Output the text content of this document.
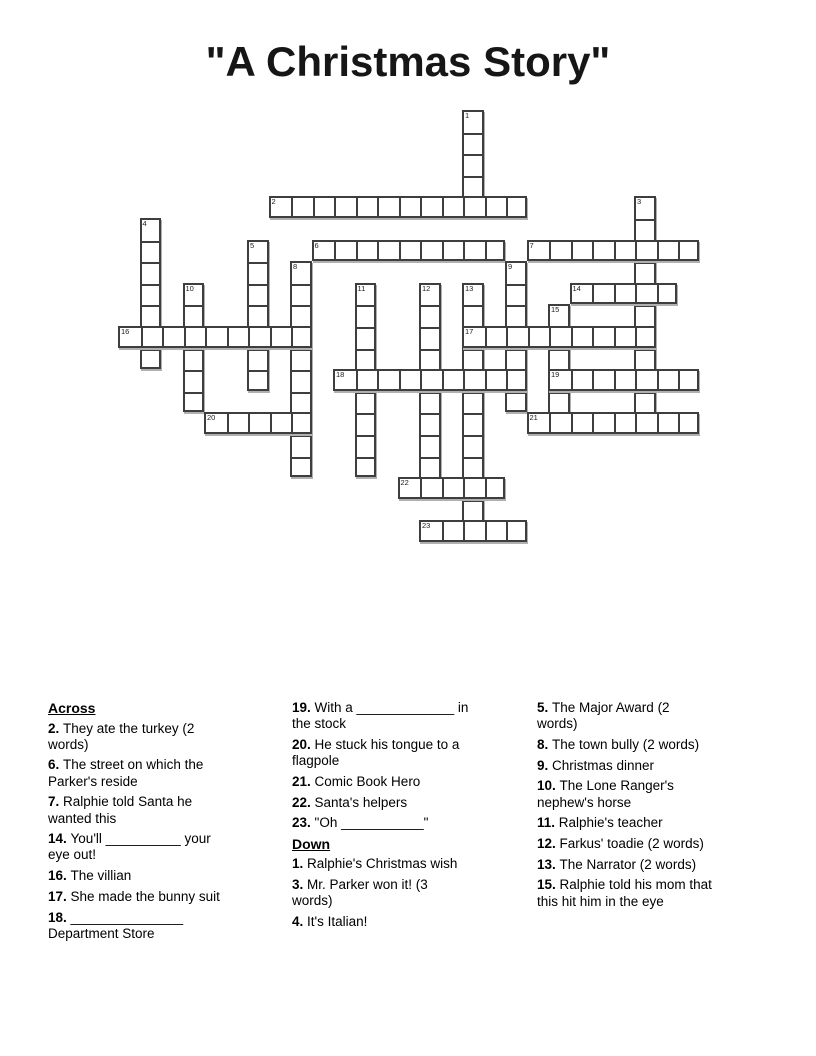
"A Christmas Story"
1
2	3
4
5	6	7
8	9
10	11	12	13	14
15
16	17
18	19
20	21
22
23
Across
2. They ate the turkey (2
words)
6. The street on which the
Parker's reside
7. Ralphie told Santa he
wanted this
14. You'll __________ your
eye out!
16. The villian
17. She made the bunny suit
18. _______________
Department Store
19. With a _____________ in
the stock
20. He stuck his tongue to a
flagpole
21. Comic Book Hero
22. Santa's helpers
23. "Oh ___________"
Down
1. Ralphie's Christmas wish
3. Mr. Parker won it! (3
words)
4. It's Italian!
5. The Major Award (2
words)
8. The town bully (2 words)
9. Christmas dinner
10. The Lone Ranger's
nephew's horse
11. Ralphie's teacher
12. Farkus' toadie (2 words)
13. The Narrator (2 words)
15. Ralphie told his mom that
this hit him in the eye
